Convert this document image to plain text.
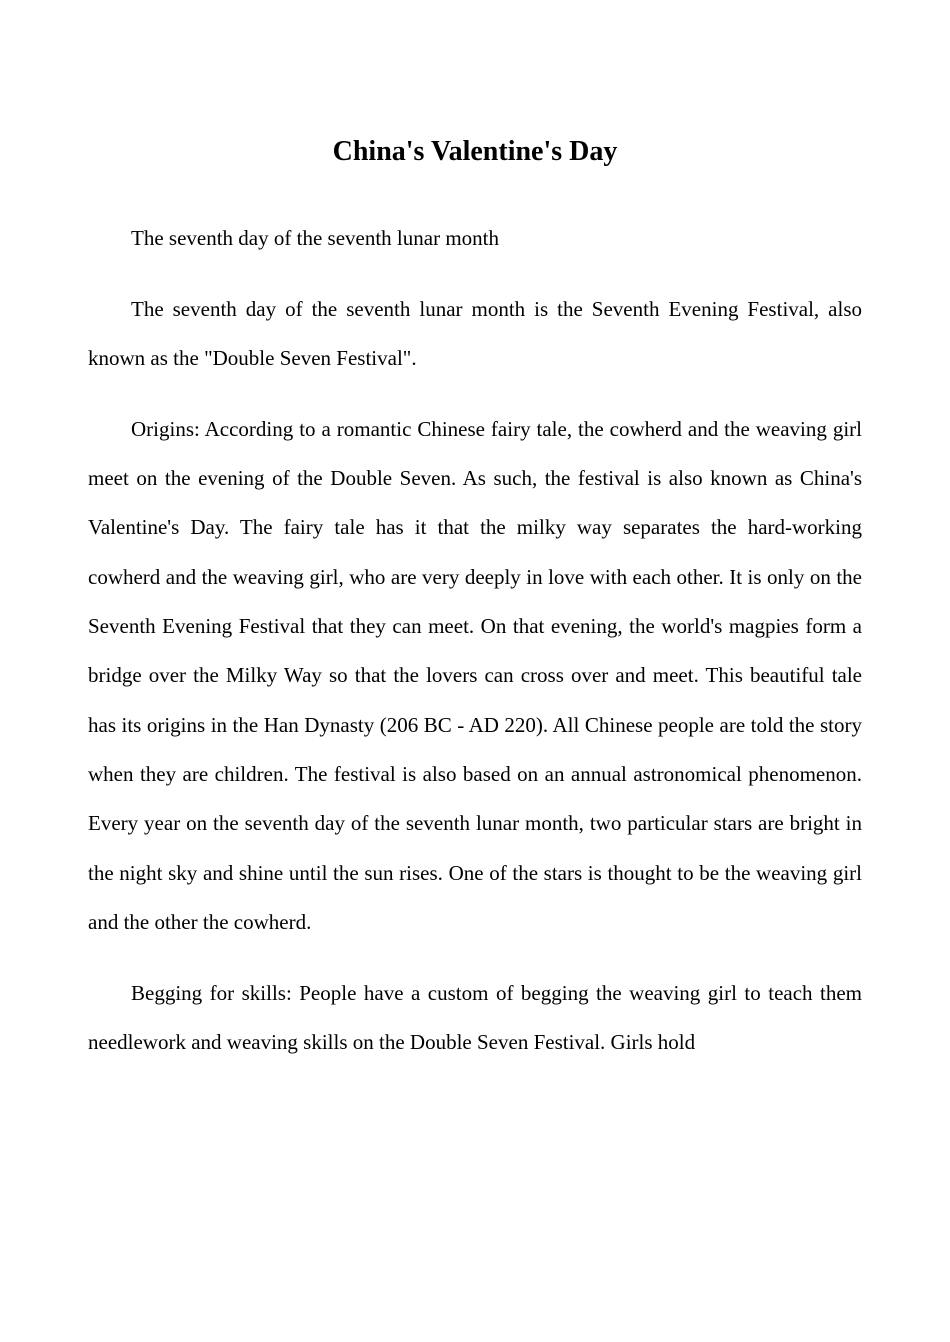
China's Valentine's Day

The seventh day of the seventh lunar month

The seventh day of the seventh lunar month is the Seventh Evening Festival, also known as the "Double Seven Festival".

Origins: According to a romantic Chinese fairy tale, the cowherd and the weaving girl meet on the evening of the Double Seven. As such, the festival is also known as China's Valentine's Day. The fairy tale has it that the milky way separates the hard-working cowherd and the weaving girl, who are very deeply in love with each other. It is only on the Seventh Evening Festival that they can meet. On that evening, the world's magpies form a bridge over the Milky Way so that the lovers can cross over and meet. This beautiful tale has its origins in the Han Dynasty (206 BC - AD 220). All Chinese people are told the story when they are children. The festival is also based on an annual astronomical phenomenon. Every year on the seventh day of the seventh lunar month, two particular stars are bright in the night sky and shine until the sun rises. One of the stars is thought to be the weaving girl and the other the cowherd.

Begging for skills: People have a custom of begging the weaving girl to teach them needlework and weaving skills on the Double Seven Festival. Girls hold
